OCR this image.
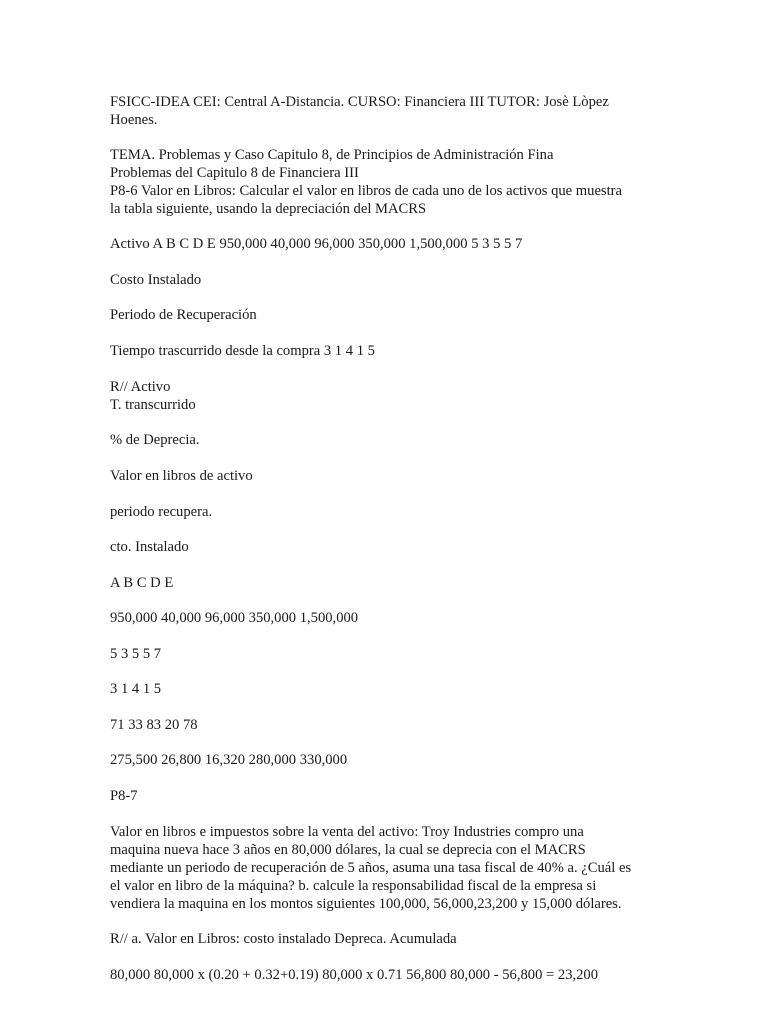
FSICC-IDEA CEI: Central A-Distancia. CURSO: Financiera III TUTOR: Josè Lòpez

Hoenes.

TEMA. Problemas y Caso Capitulo 8, de Principios de Administración Fina

Problemas del Capitulo 8 de Financiera III

P8-6 Valor en Libros: Calcular el valor en libros de cada uno de los activos que muestra

la tabla siguiente, usando la depreciación del MACRS

Activo A B C D E 950,000 40,000 96,000 350,000 1,500,000 5 3 5 5 7

Costo Instalado

Periodo de Recuperación

Tiempo trascurrido desde la compra 3 1 4 1 5

R// Activo

T. transcurrido

% de Deprecia.

Valor en libros de activo

periodo recupera.

cto. Instalado

A B C D E

950,000 40,000 96,000 350,000 1,500,000

5 3 5 5 7

3 1 4 1 5

71 33 83 20 78

275,500 26,800 16,320 280,000 330,000

P8-7

Valor en libros e impuestos sobre la venta del activo: Troy Industries compro una

maquina nueva hace 3 años en 80,000 dólares, la cual se deprecia con el MACRS

mediante un periodo de recuperación de 5 años, asuma una tasa fiscal de 40% a. ¿Cuál es

el valor en libro de la máquina? b. calcule la responsabilidad fiscal de la empresa si

vendiera la maquina en los montos siguientes 100,000, 56,000,23,200 y 15,000 dólares.

R// a. Valor en Libros: costo instalado Depreca. Acumulada

80,000 80,000 x (0.20 + 0.32+0.19) 80,000 x 0.71 56,800 80,000 - 56,800 = 23,200
